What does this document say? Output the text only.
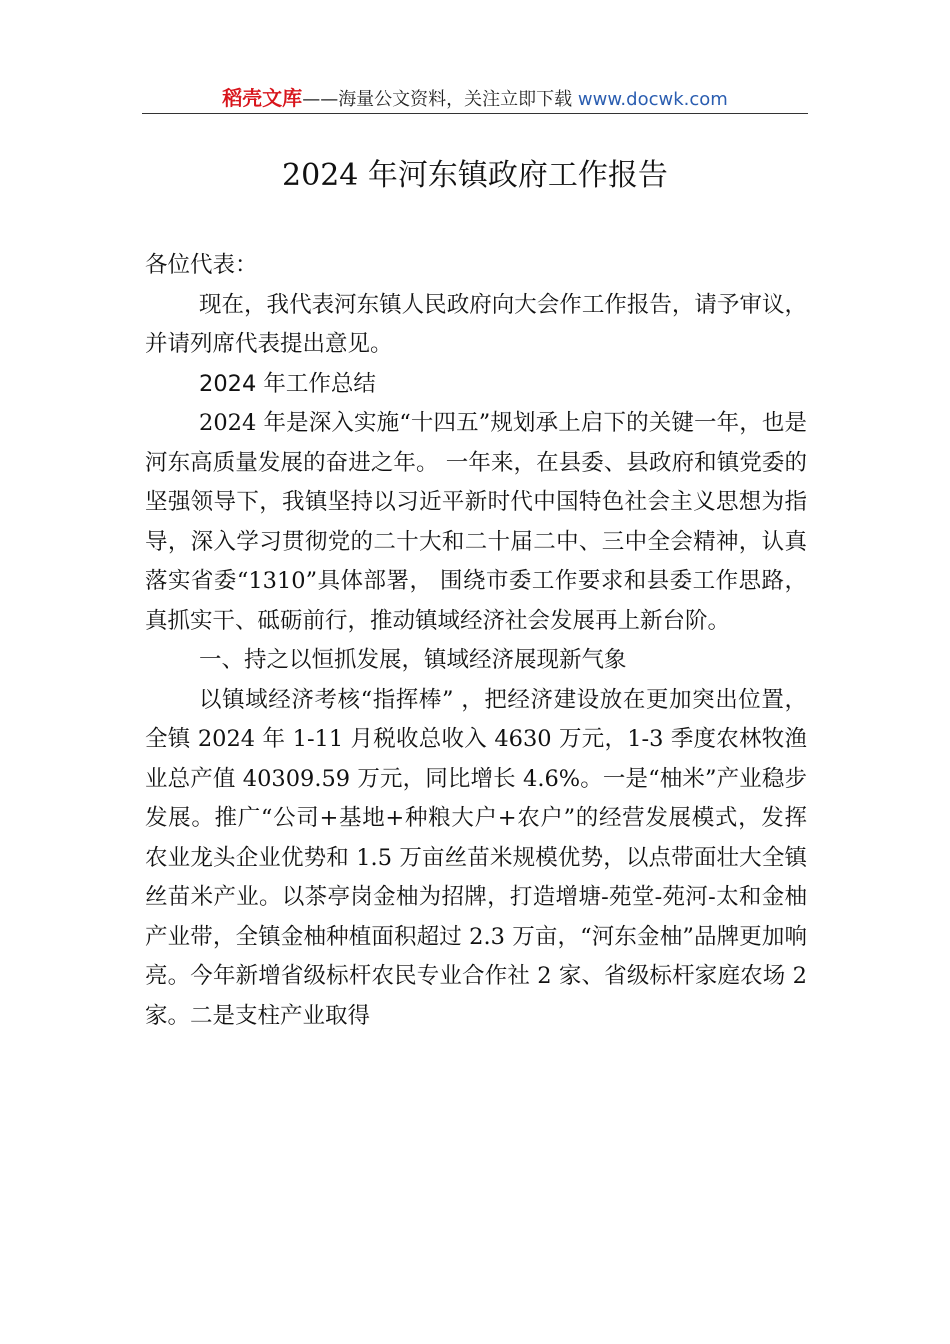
稻壳文库——海量公文资料，关注立即下载 www.docwk.com
2024 年河东镇政府工作报告

各位代表：

现在，我代表河东镇人民政府向大会作工作报告，请予审议，并请列席代表提出意见。

2024 年工作总结

2024 年是深入实施“十四五”规划承上启下的关键一年，也是河东高质量发展的奋进之年。 一年来，在县委、县政府和镇党委的坚强领导下，我镇坚持以习近平新时代中国特色社会主义思想为指导，深入学习贯彻党的二十大和二十届二中、三中全会精神，认真落实省委“1310”具体部署， 围绕市委工作要求和县委工作思路，真抓实干、砥砺前行，推动镇域经济社会发展再上新台阶。

一、持之以恒抓发展，镇域经济展现新气象

以镇域经济考核“指挥棒” ，把经济建设放在更加突出位置，全镇 2024 年 1-11 月税收总收入 4630 万元，1-3 季度农林牧渔业总产值 40309.59 万元，同比增长 4.6%。一是“柚米”产业稳步发展。推广“公司+基地+种粮大户+农户”的经营发展模式，发挥农业龙头企业优势和 1.5 万亩丝苗米规模优势，以点带面壮大全镇丝苗米产业。以茶亭岗金柚为招牌，打造增塘-苑堂-苑河-太和金柚产业带，全镇金柚种植面积超过 2.3 万亩，“河东金柚”品牌更加响亮。今年新增省级标杆农民专业合作社 2 家、省级标杆家庭农场 2 家。二是支柱产业取得
